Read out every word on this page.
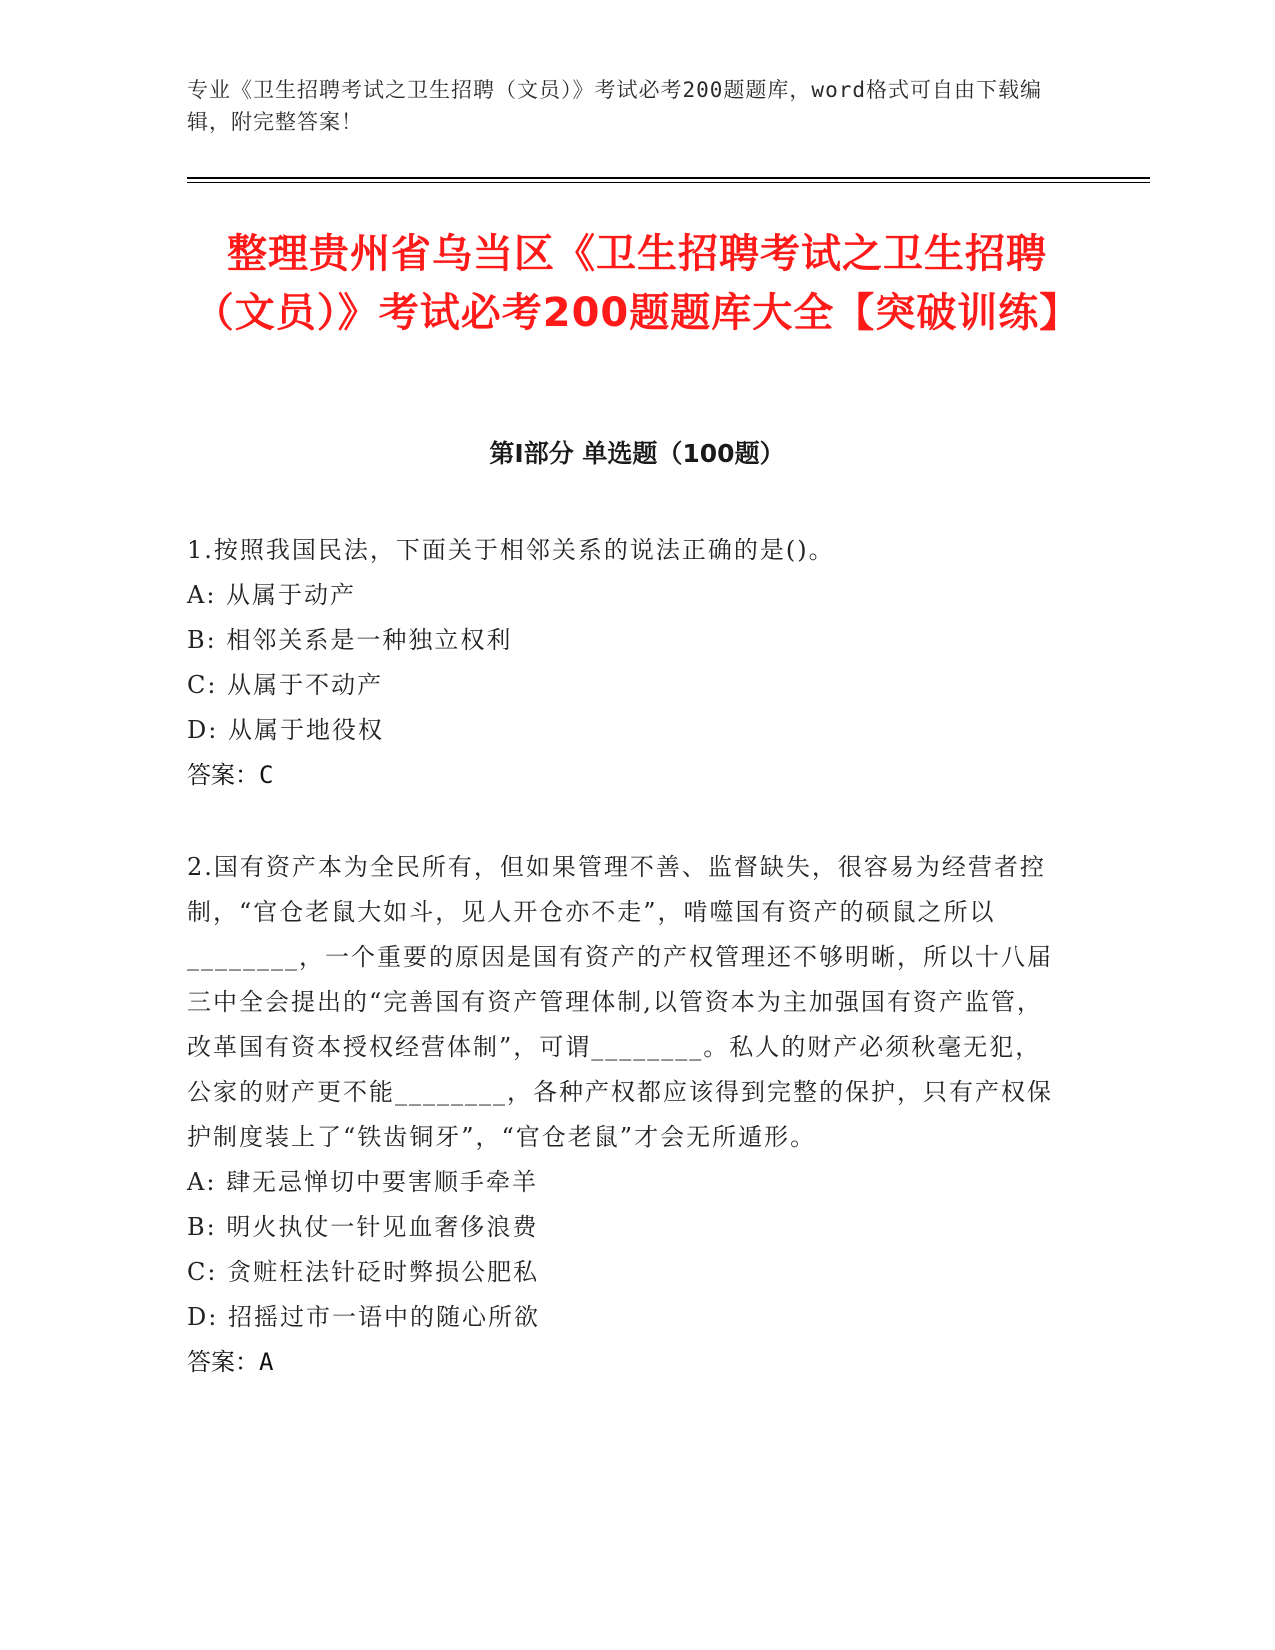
专业《卫生招聘考试之卫生招聘（文员）》考试必考200题题库，word格式可自由下载编辑，附完整答案！
整理贵州省乌当区《卫生招聘考试之卫生招聘（文员）》考试必考200题题库大全【突破训练】
第Ⅰ部分 单选题（100题）

1.按照我国民法，下面关于相邻关系的说法正确的是()。

A: 从属于动产

B: 相邻关系是一种独立权利

C: 从属于不动产

D: 从属于地役权

答案：C

2.国有资产本为全民所有，但如果管理不善、监督缺失，很容易为经营者控制，“官仓老鼠大如斗，见人开仓亦不走”，啃噬国有资产的硕鼠之所以________，一个重要的原因是国有资产的产权管理还不够明晰，所以十八届三中全会提出的“完善国有资产管理体制,以管资本为主加强国有资产监管，改革国有资本授权经营体制”，可谓________。私人的财产必须秋毫无犯，公家的财产更不能________，各种产权都应该得到完整的保护，只有产权保护制度装上了“铁齿铜牙”，“官仓老鼠”才会无所遁形。

A: 肆无忌惮切中要害顺手牵羊

B: 明火执仗一针见血奢侈浪费

C: 贪赃枉法针砭时弊损公肥私

D: 招摇过市一语中的随心所欲

答案：A
